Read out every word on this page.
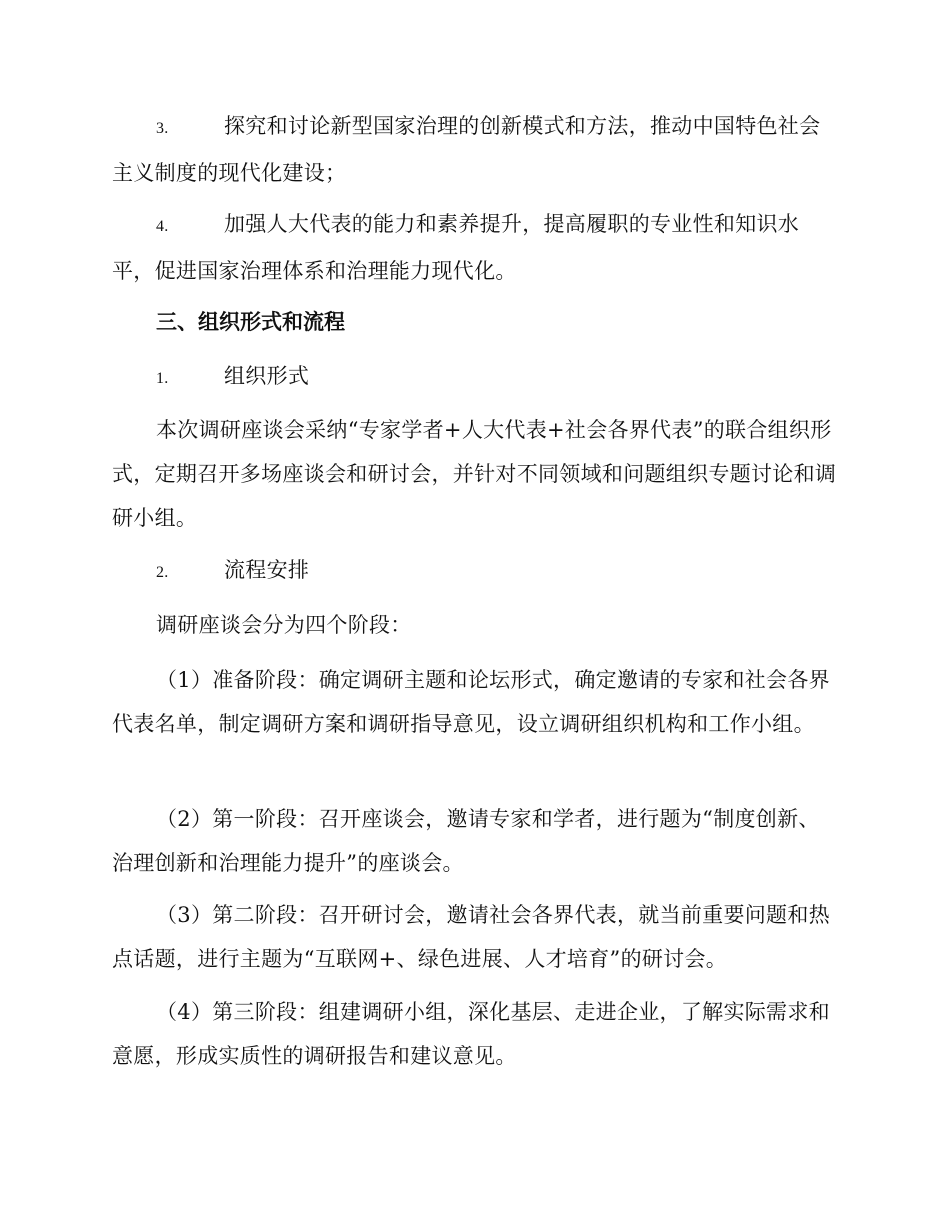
3.	探究和讨论新型国家治理的创新模式和方法，推动中国特色社会主义制度的现代化建设；

4.	加强人大代表的能力和素养提升，提高履职的专业性和知识水平，促进国家治理体系和治理能力现代化。

三、组织形式和流程

1.	组织形式

本次调研座谈会采纳“专家学者+人大代表+社会各界代表”的联合组织形式，定期召开多场座谈会和研讨会，并针对不同领域和问题组织专题讨论和调研小组。

2.	流程安排

调研座谈会分为四个阶段：

（1）准备阶段：确定调研主题和论坛形式，确定邀请的专家和社会各界代表名单，制定调研方案和调研指导意见，设立调研组织机构和工作小组。

（2）第一阶段：召开座谈会，邀请专家和学者，进行题为“制度创新、治理创新和治理能力提升”的座谈会。

（3）第二阶段：召开研讨会，邀请社会各界代表，就当前重要问题和热点话题，进行主题为“互联网+、绿色进展、人才培育”的研讨会。

（4）第三阶段：组建调研小组，深化基层、走进企业，了解实际需求和意愿，形成实质性的调研报告和建议意见。
